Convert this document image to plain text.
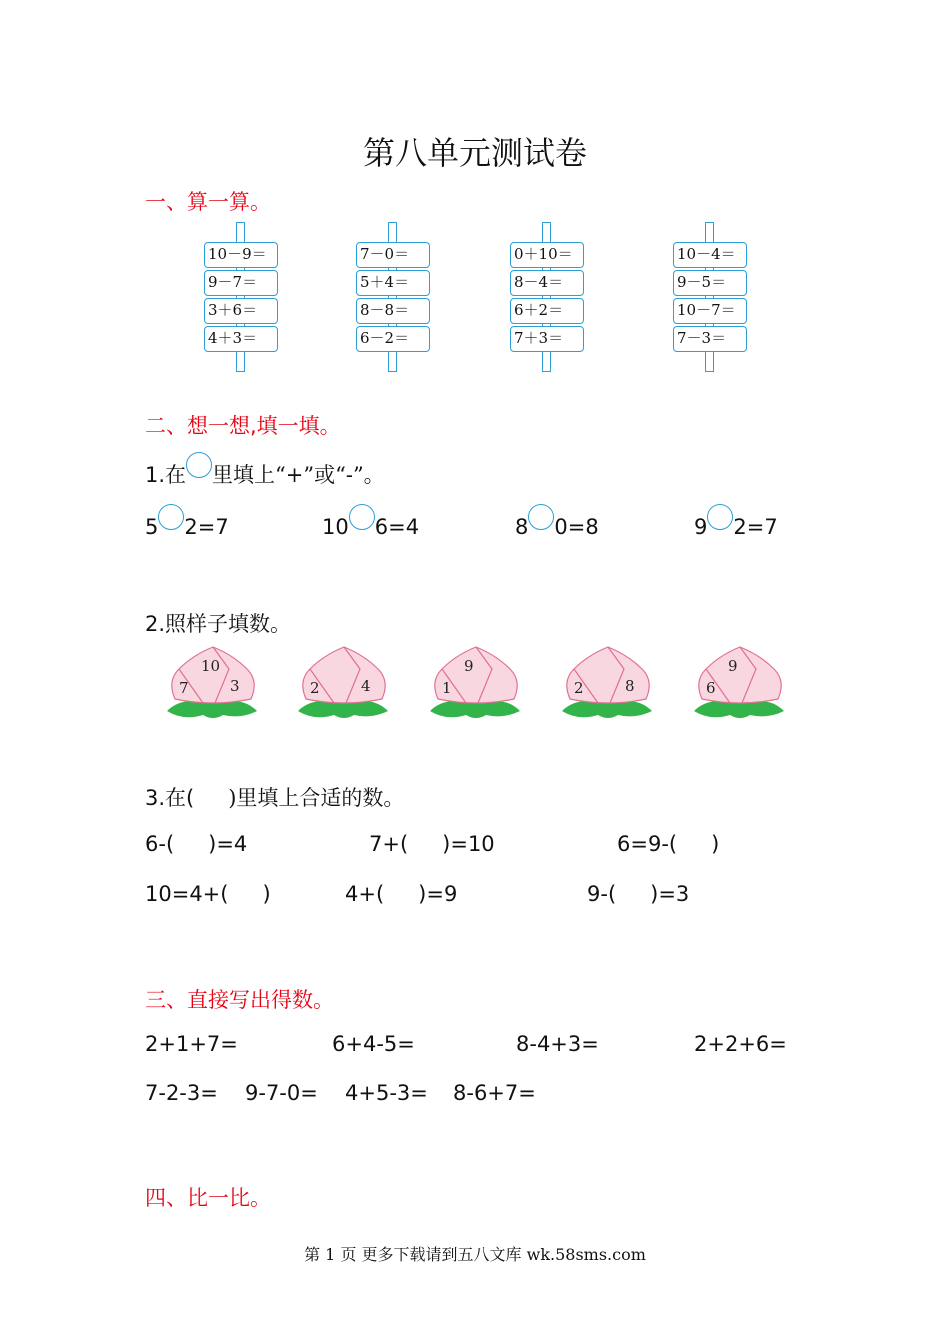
第八单元测试卷
一、算一算。
10－9＝
9－7＝
3＋6＝
4＋3＝
7－0＝
5＋4＝
8－8＝
6－2＝
0＋10＝
8－4＝
6＋2＝
7＋3＝
10－4＝
9－5＝
10－7＝
7－3＝
二、想一想,填一填。
1.在 里填上“+”或“-”。
5 2=7	10 6=4	8 0=8	9 2=7
2.照样子填数。
10
7	3	2	4
9
1	2	8
9
6
3.在( )里填上合适的数。
6-( )=4	7+( )=10	6=9-( )
10=4+( )	4+( )=9	9-( )=3
三、直接写出得数。
2+1+7=	6+4-5=	8-4+3=	2+2+6=
7-2-3= 9-7-0= 4+5-3= 8-6+7=
四、比一比。
第 1 页 更多下载请到五八文库 wk.58sms.com
